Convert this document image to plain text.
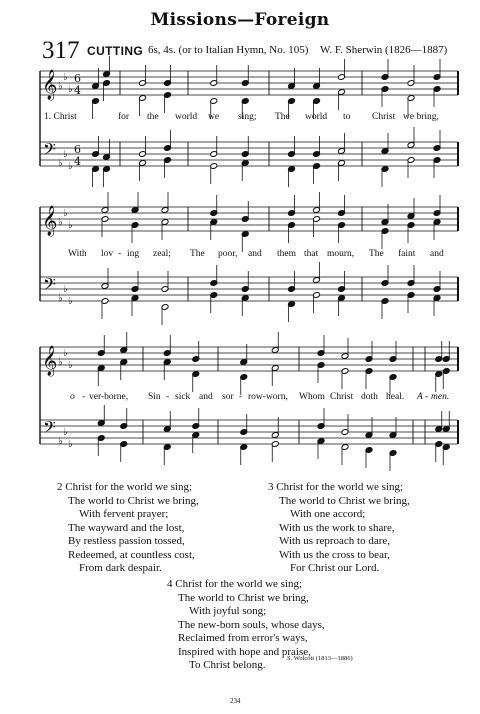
Missions—Foreign
317 CUTTING 6s, 4s. (or to Italian Hymn, No. 105) W. F. Sherwin (1826—1887)
𝄞
𝄢
♭
♭
♭
♭
♭
♭
6
4
6
4
𝄞
𝄢
♭
♭
♭
♭
♭
♭
𝄞
𝄢
♭
♭
♭
♭
♭
♭
1. Christ	for the world we sing; The world to Christ we bring,
With lov - ing zeal; The poor, and them that mourn, The faint and
o - ver-borne, Sin - sick and sor - row-worn, Whom Christ doth heal. A - men.
2 Christ for the world we sing;
The world to Christ we bring,
With fervent prayer;
The wayward and the lost,
By restless passion tossed,
Redeemed, at countless cost,
From dark despair.
3 Christ for the world we sing;
The world to Christ we bring,
With one accord;
With us the work to share,
With us reproach to dare,
With us the cross to bear,
For Christ our Lord.
4 Christ for the world we sing;
The world to Christ we bring,
With joyful song;
The new-born souls, whose days,
Reclaimed from error's ways,
Inspired with hope and praise,
To Christ belong.
S. Wolcott (1813—1886)
234
